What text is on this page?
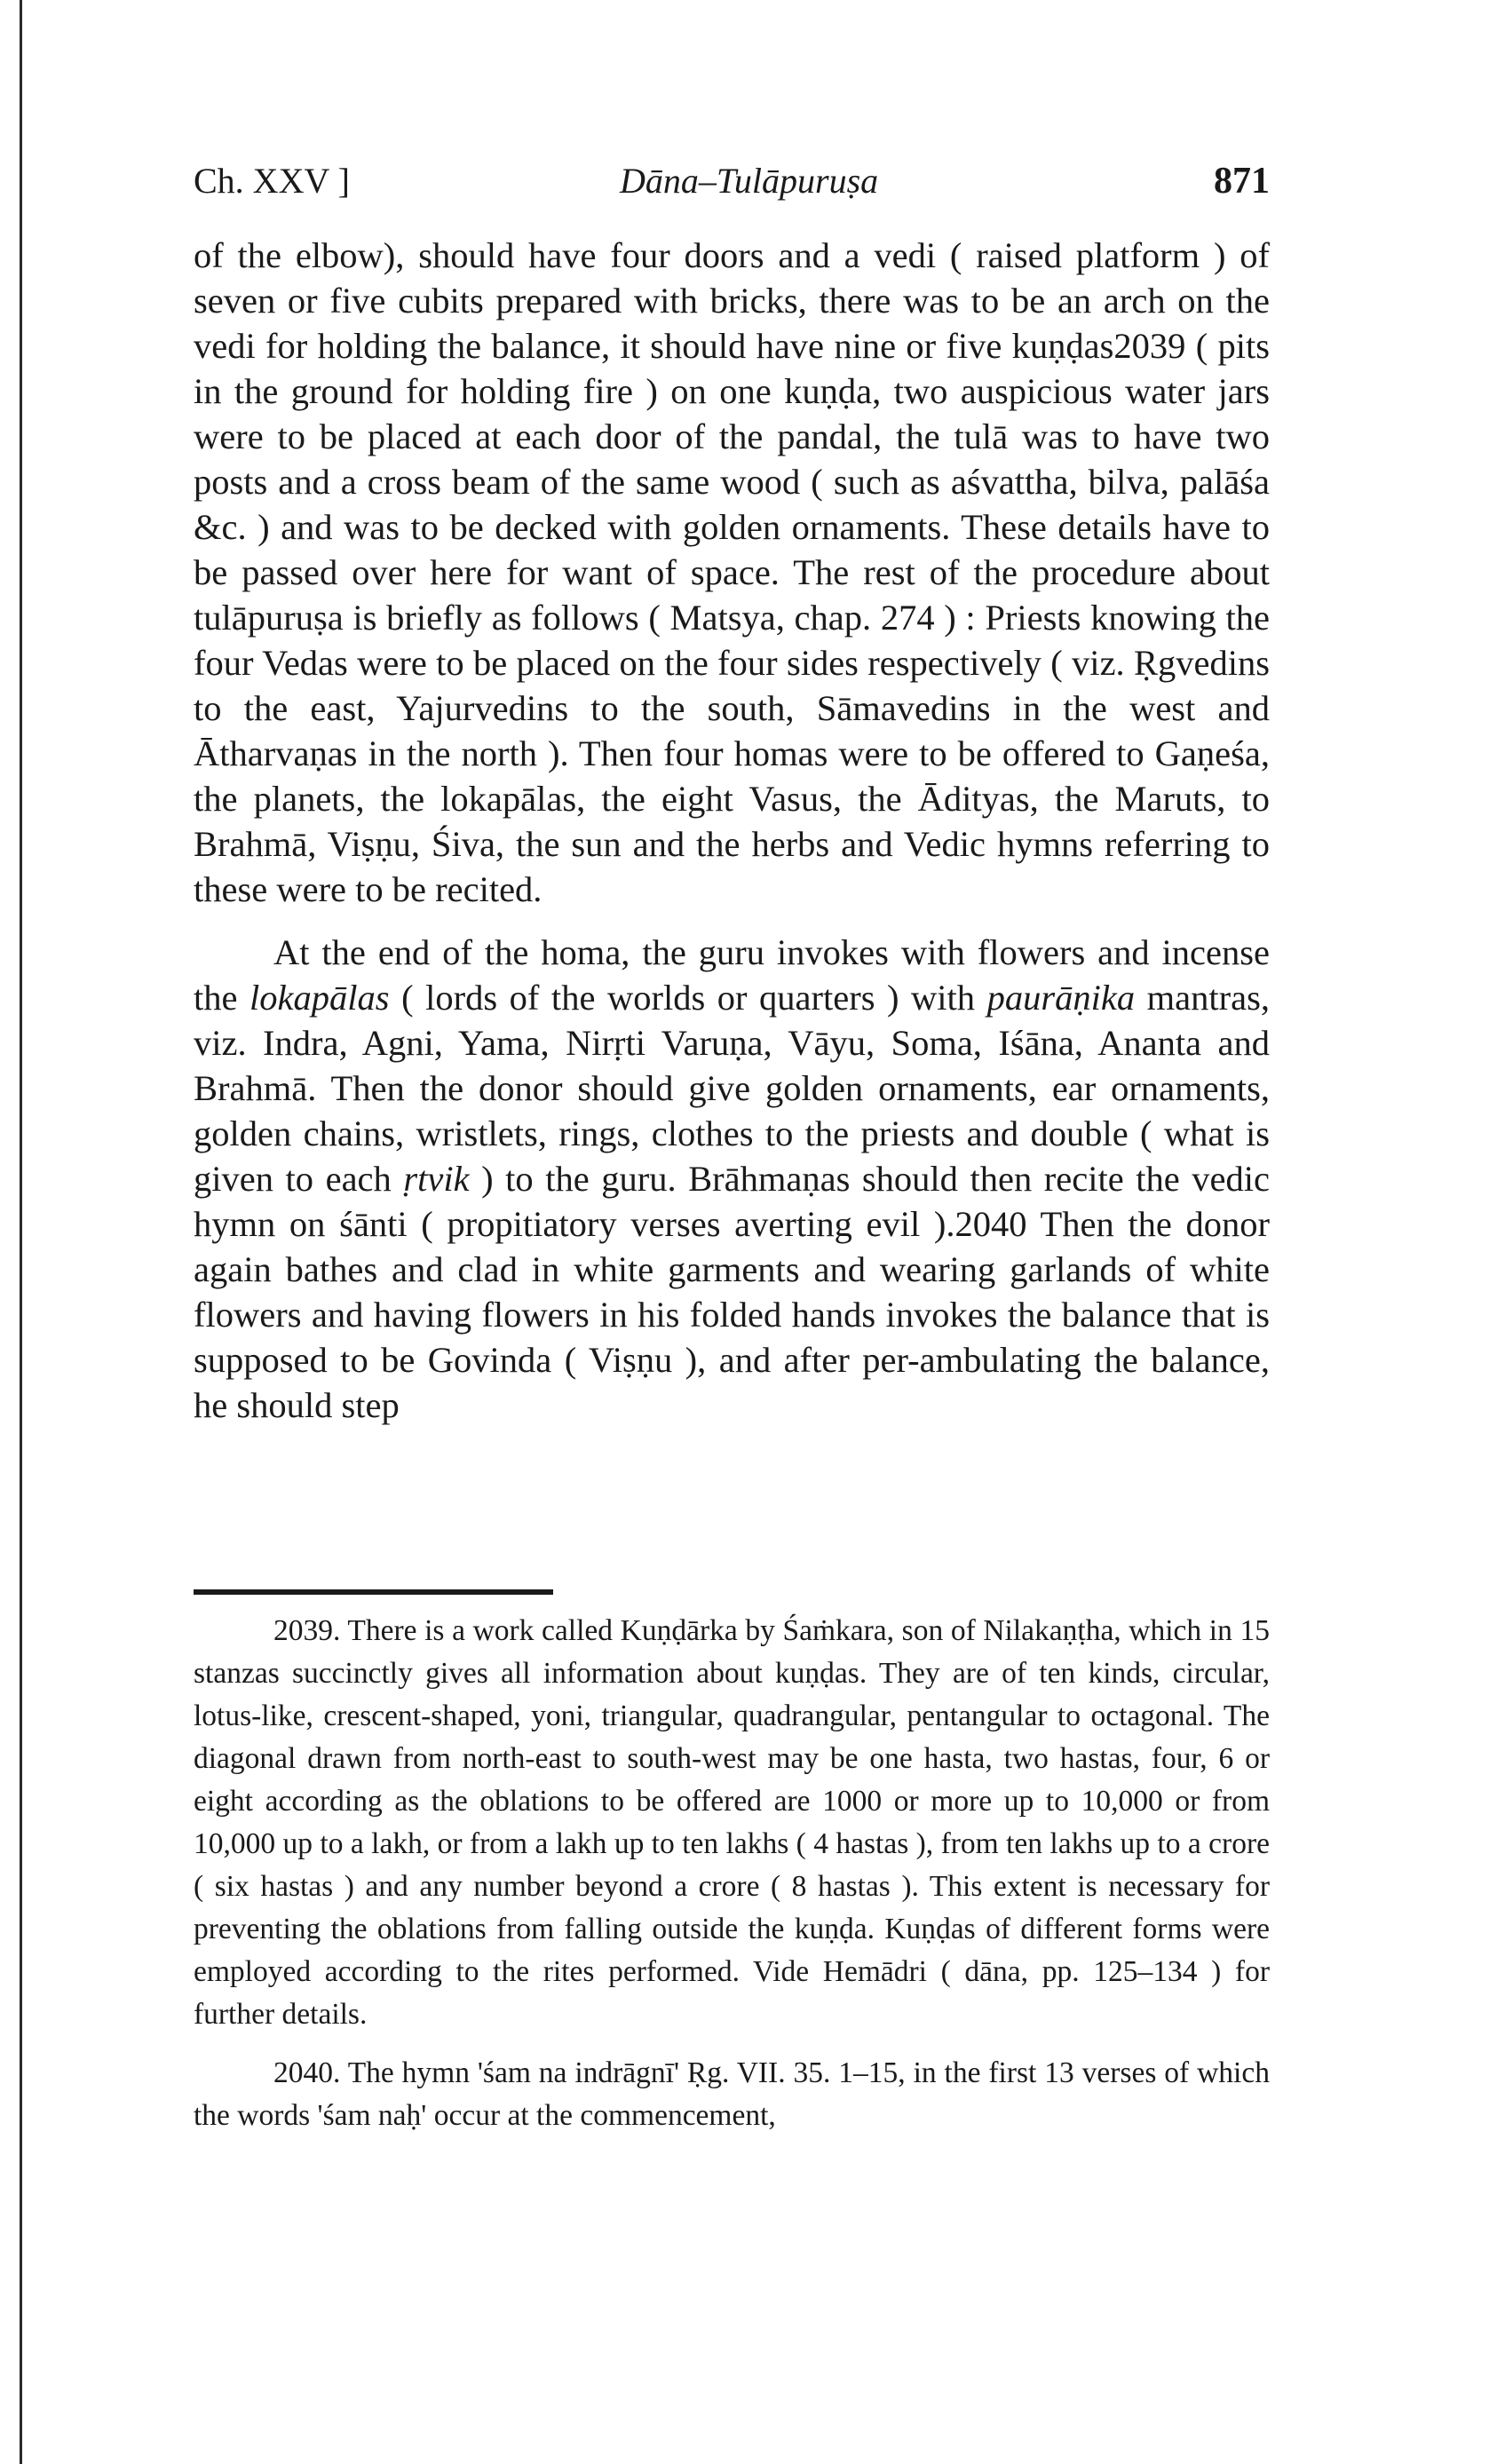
Ch. XXV ]	Dāna–Tulāpuruṣa	871

of the elbow), should have four doors and a vedi ( raised platform ) of seven or five cubits prepared with bricks, there was to be an arch on the vedi for holding the balance, it should have nine or five kuṇḍas2039 ( pits in the ground for holding fire ) on one kuṇḍa, two auspicious water jars were to be placed at each door of the pandal, the tulā was to have two posts and a cross beam of the same wood ( such as aśvattha, bilva, palāśa &c. ) and was to be decked with golden ornaments. These details have to be passed over here for want of space. The rest of the procedure about tulāpuruṣa is briefly as follows ( Matsya, chap. 274 ) : Priests knowing the four Vedas were to be placed on the four sides respectively ( viz. Ṛgvedins to the east, Yajurvedins to the south, Sāmavedins in the west and Ātharvaṇas in the north ). Then four homas were to be offered to Gaṇeśa, the planets, the lokapālas, the eight Vasus, the Ādityas, the Maruts, to Brahmā, Viṣṇu, Śiva, the sun and the herbs and Vedic hymns referring to these were to be recited.

At the end of the homa, the guru invokes with flowers and incense the lokapālas ( lords of the worlds or quarters ) with paurāṇika mantras, viz. Indra, Agni, Yama, Nirṛti Varuṇa, Vāyu, Soma, Iśāna, Ananta and Brahmā. Then the donor should give golden ornaments, ear ornaments, golden chains, wristlets, rings, clothes to the priests and double ( what is given to each ṛtvik ) to the guru. Brāhmaṇas should then recite the vedic hymn on śānti ( propitiatory verses averting evil ).2040 Then the donor again bathes and clad in white garments and wearing garlands of white flowers and having flowers in his folded hands invokes the balance that is supposed to be Govinda ( Viṣṇu ), and after per-ambulating the balance, he should step

2039. There is a work called Kuṇḍārka by Śaṁkara, son of Nilakaṇṭha, which in 15 stanzas succinctly gives all information about kuṇḍas. They are of ten kinds, circular, lotus-like, crescent-shaped, yoni, triangular, quadrangular, pentangular to octagonal. The diagonal drawn from north-east to south-west may be one hasta, two hastas, four, 6 or eight according as the oblations to be offered are 1000 or more up to 10,000 or from 10,000 up to a lakh, or from a lakh up to ten lakhs ( 4 hastas ), from ten lakhs up to a crore ( six hastas ) and any number beyond a crore ( 8 hastas ). This extent is necessary for preventing the oblations from falling outside the kuṇḍa. Kuṇḍas of different forms were employed according to the rites performed. Vide Hemādri ( dāna, pp. 125–134 ) for further details.

2040. The hymn 'śam na indrāgnī' Ṛg. VII. 35. 1–15, in the first 13 verses of which the words 'śam naḥ' occur at the commencement,
